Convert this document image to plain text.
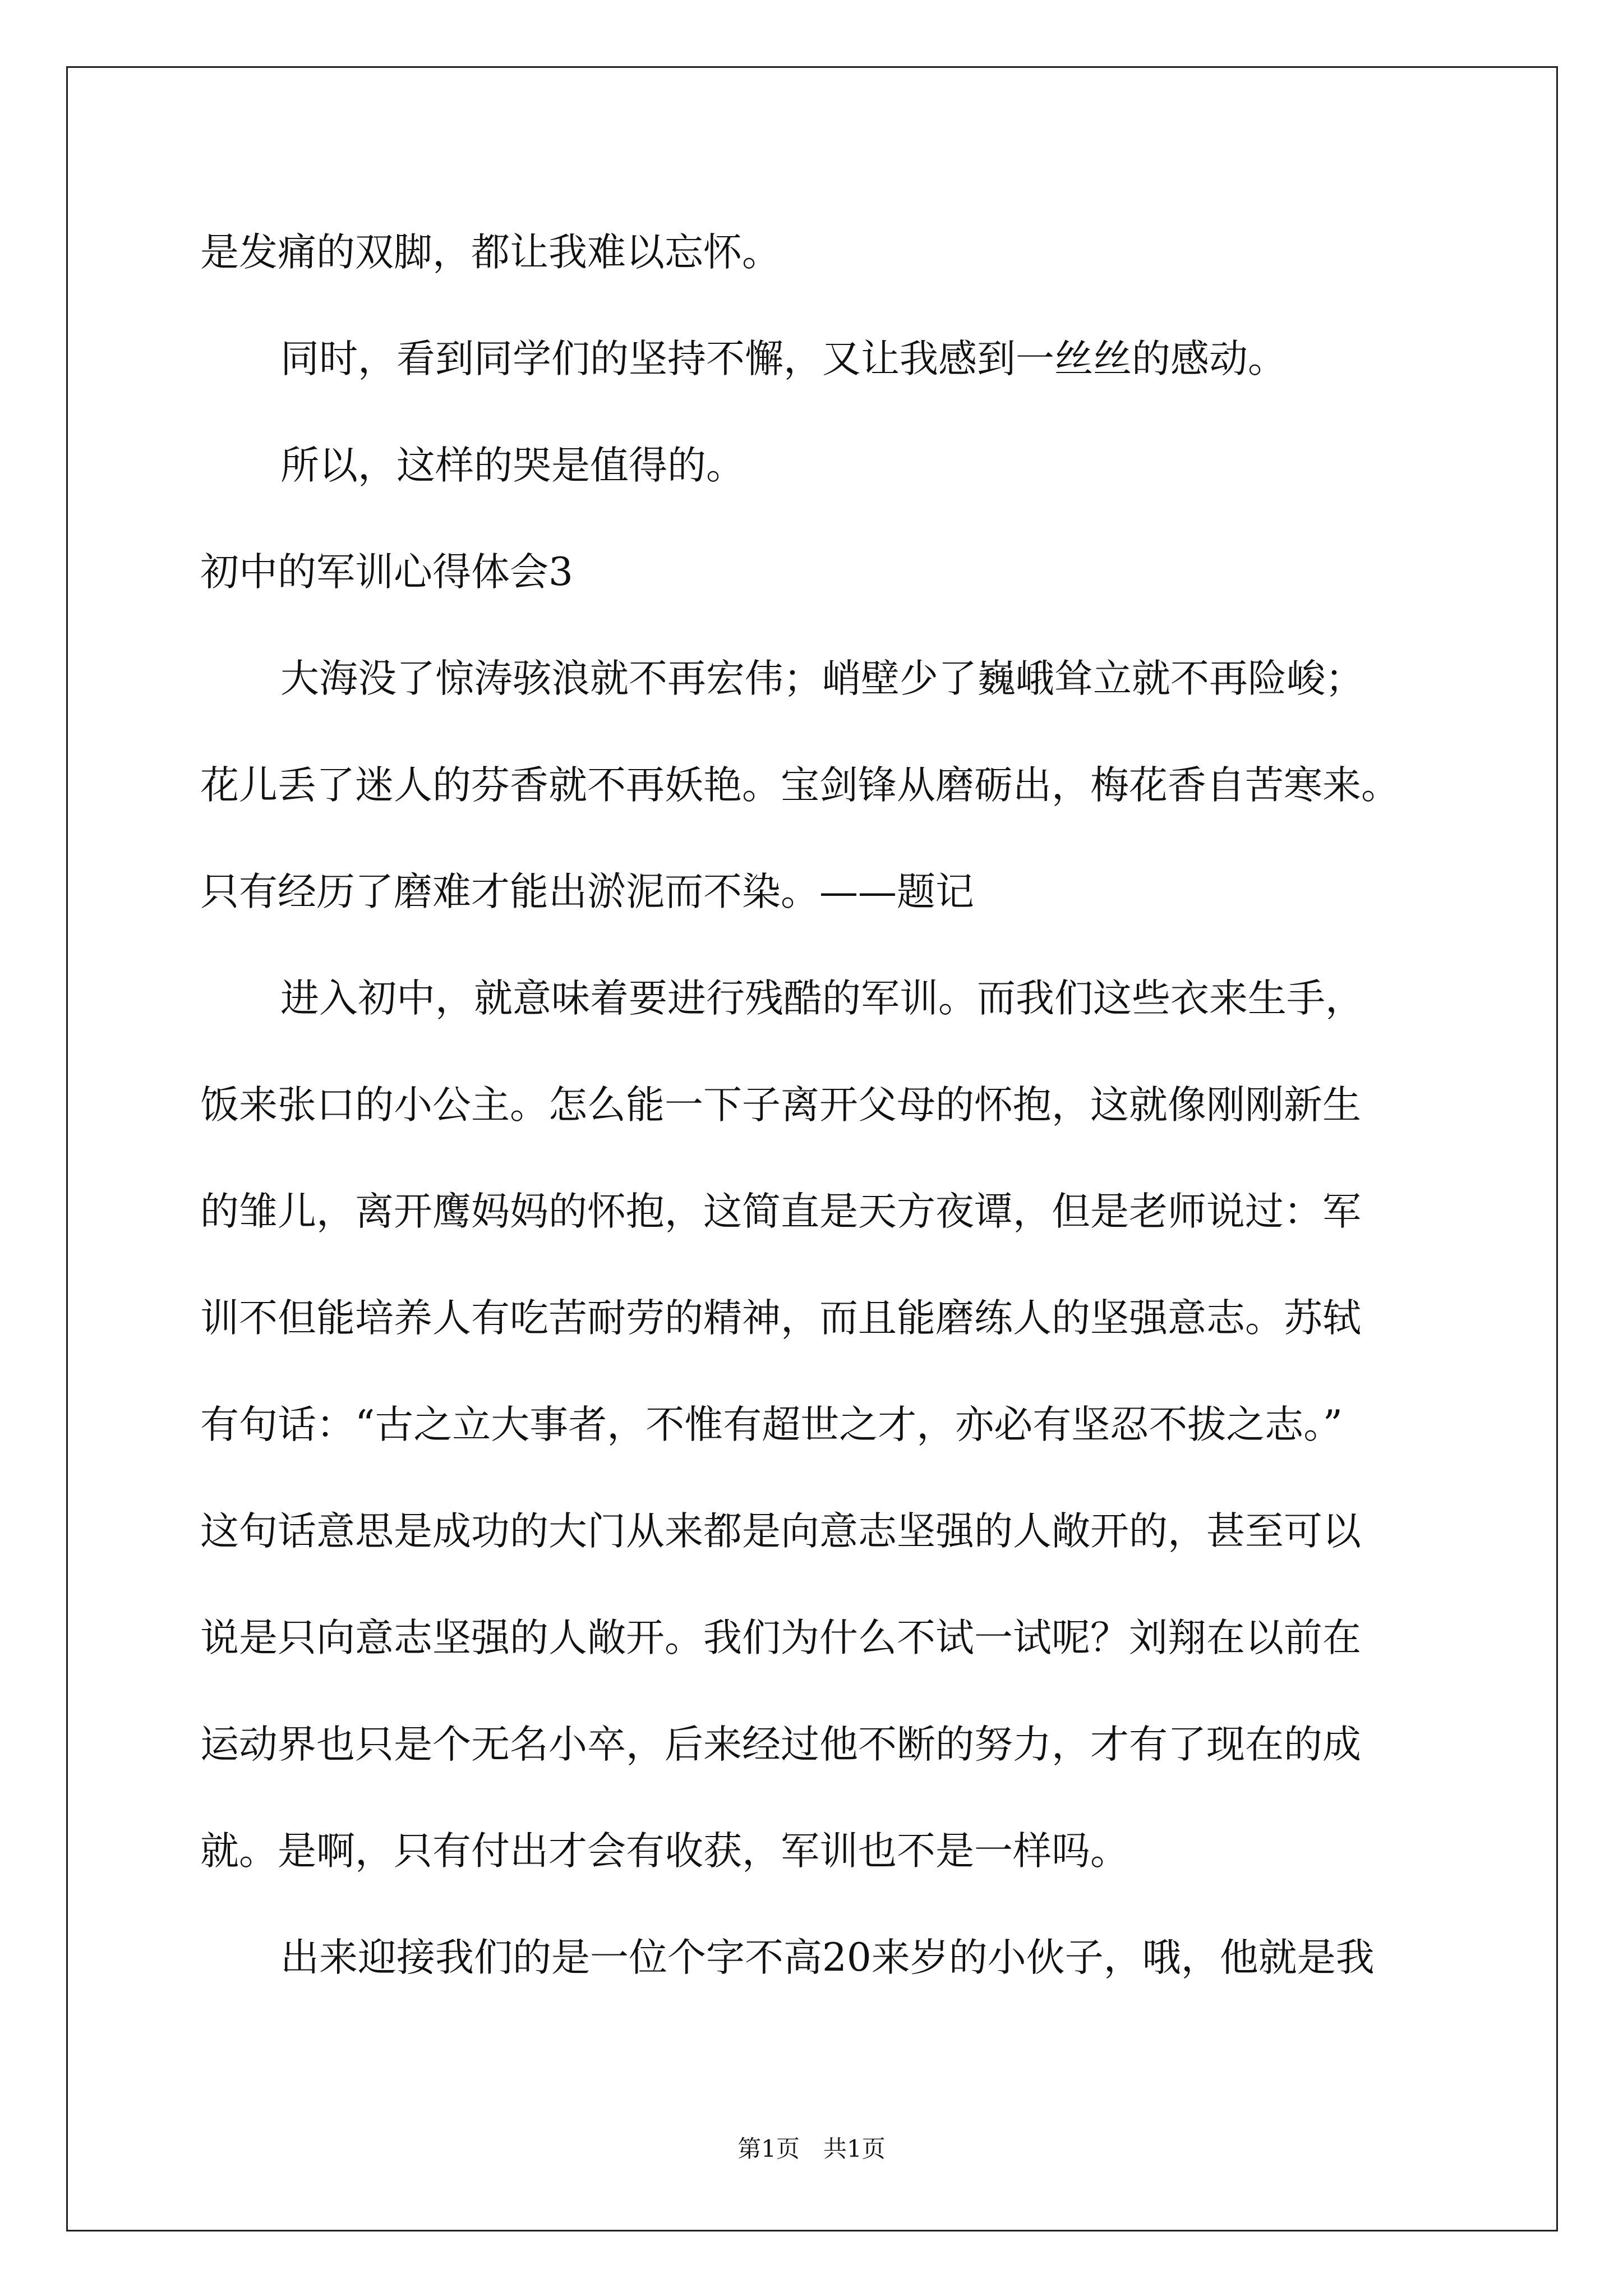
是发痛的双脚，都让我难以忘怀。
同时，看到同学们的坚持不懈，又让我感到一丝丝的感动。
所以，这样的哭是值得的。
初中的军训心得体会3
大海没了惊涛骇浪就不再宏伟；峭壁少了巍峨耸立就不再险峻；
花儿丢了迷人的芬香就不再妖艳。宝剑锋从磨砺出，梅花香自苦寒来。
只有经历了磨难才能出淤泥而不染。——题记
进入初中，就意味着要进行残酷的军训。而我们这些衣来生手，
饭来张口的小公主。怎么能一下子离开父母的怀抱，这就像刚刚新生
的雏儿，离开鹰妈妈的怀抱，这简直是天方夜谭，但是老师说过：军
训不但能培养人有吃苦耐劳的精神，而且能磨练人的坚强意志。苏轼
有句话：“古之立大事者，不惟有超世之才，亦必有坚忍不拔之志。”
这句话意思是成功的大门从来都是向意志坚强的人敞开的，甚至可以
说是只向意志坚强的人敞开。我们为什么不试一试呢？刘翔在以前在
运动界也只是个无名小卒，后来经过他不断的努力，才有了现在的成
就。是啊，只有付出才会有收获，军训也不是一样吗。
出来迎接我们的是一位个字不高20来岁的小伙子，哦，他就是我
第1页　共1页
